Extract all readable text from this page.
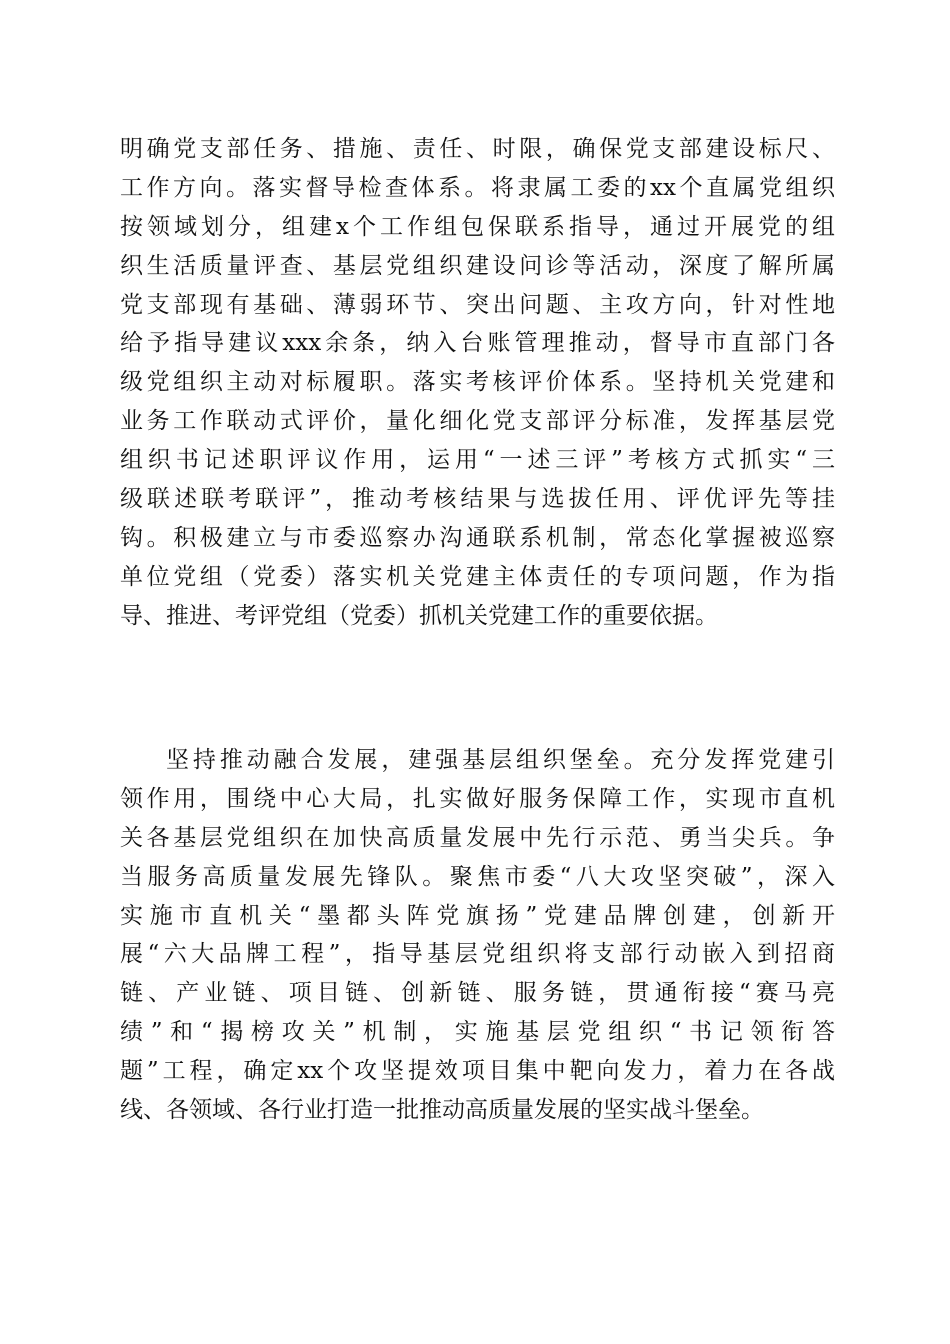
明确党支部任务、措施、责任、时限，确保党支部建设标尺、
工作方向。落实督导检查体系。将隶属工委的xx个直属党组织
按领域划分，组建x个工作组包保联系指导，通过开展党的组
织生活质量评查、基层党组织建设问诊等活动，深度了解所属
党支部现有基础、薄弱环节、突出问题、主攻方向，针对性地
给予指导建议xxx余条，纳入台账管理推动，督导市直部门各
级党组织主动对标履职。落实考核评价体系。坚持机关党建和
业务工作联动式评价，量化细化党支部评分标准，发挥基层党
组织书记述职评议作用，运用“一述三评”考核方式抓实“三
级联述联考联评”，推动考核结果与选拔任用、评优评先等挂
钩。积极建立与市委巡察办沟通联系机制，常态化掌握被巡察
单位党组（党委）落实机关党建主体责任的专项问题，作为指
导、推进、考评党组（党委）抓机关党建工作的重要依据。
坚持推动融合发展，建强基层组织堡垒。充分发挥党建引
领作用，围绕中心大局，扎实做好服务保障工作，实现市直机
关各基层党组织在加快高质量发展中先行示范、勇当尖兵。争
当服务高质量发展先锋队。聚焦市委“八大攻坚突破”，深入
实施市直机关“墨都头阵党旗扬”党建品牌创建，创新开
展“六大品牌工程”，指导基层党组织将支部行动嵌入到招商
链、产业链、项目链、创新链、服务链，贯通衔接“赛马亮
绩”和“揭榜攻关”机制，实施基层党组织“书记领衔答
题”工程，确定xx个攻坚提效项目集中靶向发力，着力在各战
线、各领域、各行业打造一批推动高质量发展的坚实战斗堡垒。
